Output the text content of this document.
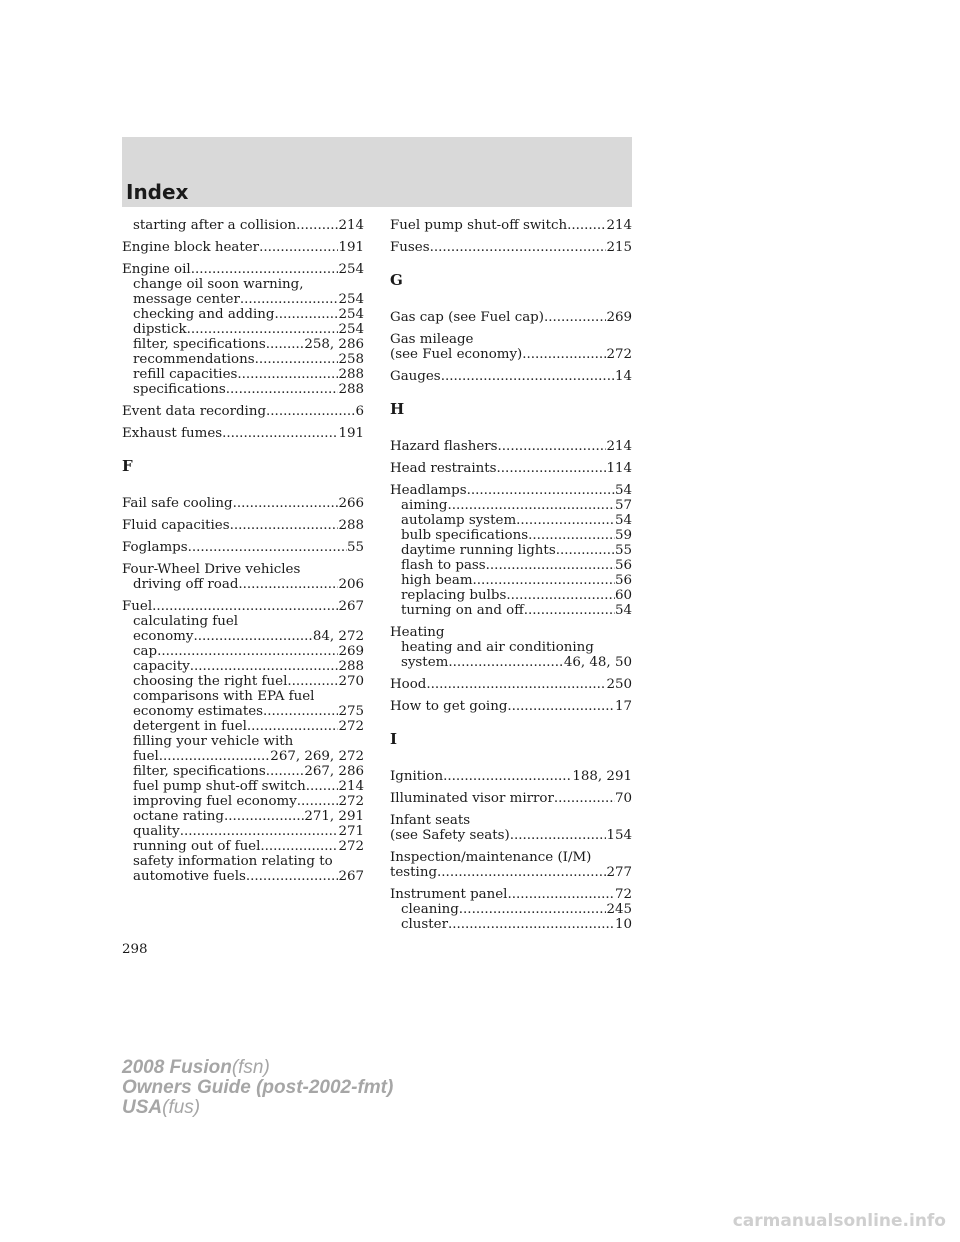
Index
starting after a collision .....	214
Engine block heater .....	191
Engine oil .....	254
change oil soon warning,
message center .....	254
checking and adding .....	254
dipstick .....	254
filter, specifications .....	258, 286
recommendations .....	258
refill capacities .....	288
specifications .....	288
Event data recording .....	6
Exhaust fumes .....	191
F
Fail safe cooling .....	266
Fluid capacities .....	288
Foglamps .....	55
Four-Wheel Drive vehicles
driving off road .....	206
Fuel .....	267
calculating fuel
economy .....	84, 272
cap .....	269
capacity .....	288
choosing the right fuel .....	270
comparisons with EPA fuel
economy estimates .....	275
detergent in fuel .....	272
filling your vehicle with
fuel .....	267, 269, 272
filter, specifications .....	267, 286
fuel pump shut-off switch ..... 214
improving fuel economy .....	272
octane rating .....	271, 291
quality .....	271
running out of fuel .....	272
safety information relating to
automotive fuels .....	267
Fuel pump shut-off switch .....	214
Fuses .....	215
G
Gas cap (see Fuel cap) .....	269
Gas mileage
(see Fuel economy) .....	272
Gauges .....	14
H
Hazard flashers .....	214
Head restraints .....	114
Headlamps .....	54
aiming .....	57
autolamp system .....	54
bulb specifications .....	59
daytime running lights .....	55
flash to pass .....	56
high beam .....	56
replacing bulbs .....	60
turning on and off .....	54
Heating
heating and air conditioning
system .....	46, 48, 50
Hood .....	250
How to get going .....	17
I
Ignition .....	188, 291
Illuminated visor mirror .....	70
Infant seats
(see Safety seats) .....	154
Inspection/maintenance (I/M)
testing .....	277
Instrument panel .....	72
cleaning .....	245
cluster .....	10
298
2008 Fusion(fsn)
Owners Guide (post-2002-fmt)
USA(fus)
carmanualsonline.info
